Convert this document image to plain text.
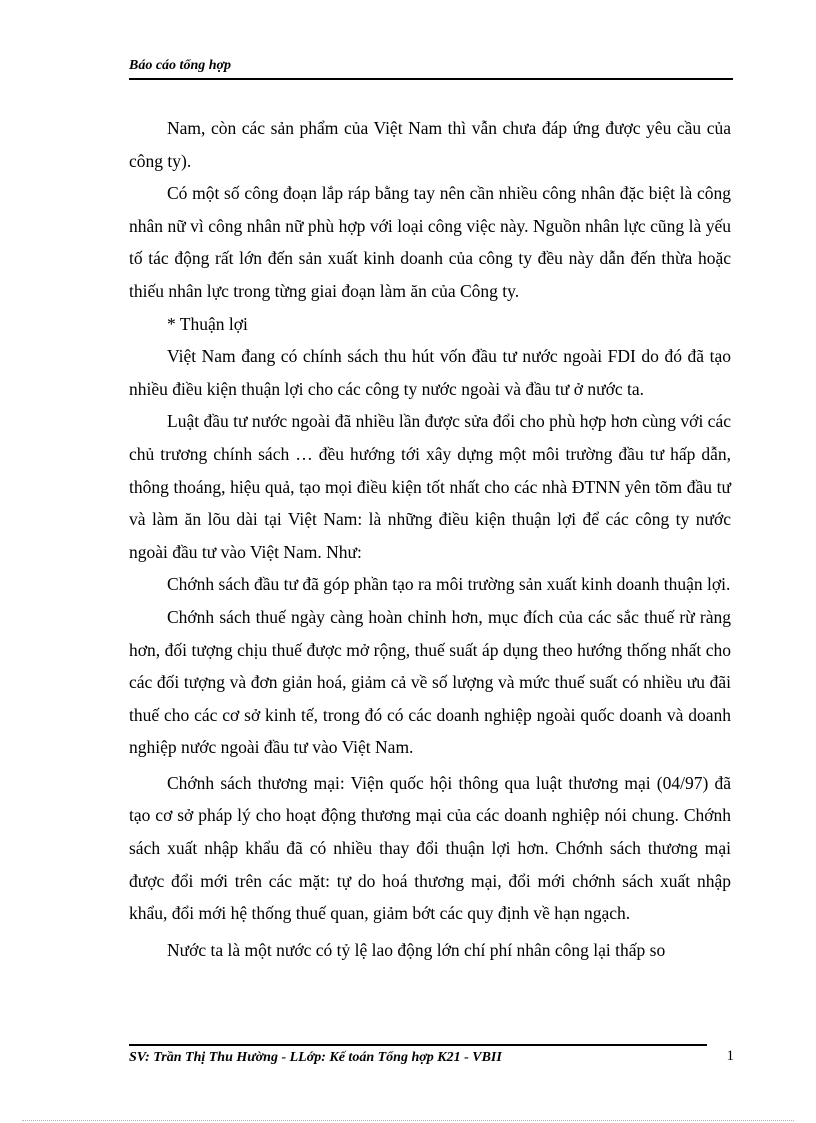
Báo cáo tổng hợp

Nam, còn các sản phẩm của Việt Nam thì vẫn chưa đáp ứng được yêu cầu của công ty).

Có một số công đoạn lắp ráp bằng tay nên cần nhiều công nhân đặc biệt là công nhân nữ vì công nhân nữ phù hợp với loại công việc này. Nguồn nhân lực cũng là yếu tố tác động rất lớn đến sản xuất kinh doanh của công ty đều này dẫn đến thừa hoặc thiếu nhân lực trong từng giai đoạn làm ăn của Công ty.

* Thuận lợi

Việt Nam đang có chính sách thu hút vốn đầu tư nước ngoài FDI do đó đã tạo nhiều điều kiện thuận lợi cho các công ty nước ngoài và đầu tư ở nước ta.

Luật đầu tư nước ngoài đã nhiều lần được sửa đổi cho phù hợp hơn cùng với các chủ trương chính sách … đều hướng tới xây dựng một môi trường đầu tư hấp dẫn, thông thoáng, hiệu quả, tạo mọi điều kiện tốt nhất cho các nhà ĐTNN yên tõm đầu tư và làm ăn lõu dài tại Việt Nam: là những điều kiện thuận lợi để các công ty nước ngoài đầu tư vào Việt Nam. Như:

Chớnh sách đầu tư đã góp phần tạo ra môi trường sản xuất kinh doanh thuận lợi.

Chớnh sách thuế ngày càng hoàn chỉnh hơn, mục đích của các sắc thuế rừ ràng hơn, đối tượng chịu thuế được mở rộng, thuế suất áp dụng theo hướng thống nhất cho các đối tượng và đơn giản hoá, giảm cả về số lượng và mức thuế suất có nhiều ưu đãi thuế cho các cơ sở kinh tế, trong đó có các doanh nghiệp ngoài quốc doanh và doanh nghiệp nước ngoài đầu tư vào Việt Nam.

Chớnh sách thương mại: Viện quốc hội thông qua luật thương mại (04/97) đã tạo cơ sở pháp lý cho hoạt động thương mại của các doanh nghiệp nói chung. Chớnh sách xuất nhập khẩu đã có nhiều thay đổi thuận lợi hơn. Chớnh sách thương mại được đổi mới trên các mặt: tự do hoá thương mại, đổi mới chớnh sách xuất nhập khẩu, đổi mới hệ thống thuế quan, giảm bớt các quy định về hạn ngạch.

Nước ta là một nước có tỷ lệ lao động lớn chí phí nhân công lại thấp so

SV: Trần Thị Thu Hường - LLớp: Kế toán Tổng hợp K21 - VBII	1
